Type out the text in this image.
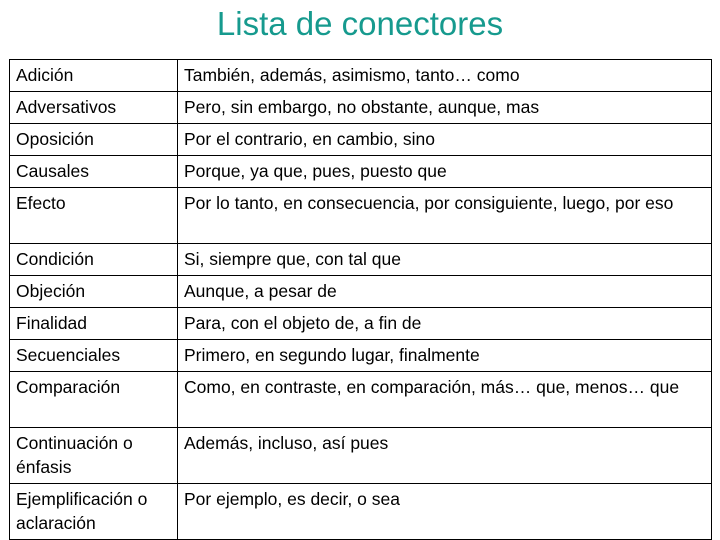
Lista de conectores
Adición	También, además, asimismo, tanto… como
Adversativos	Pero, sin embargo, no obstante, aunque, mas
Oposición	Por el contrario, en cambio, sino
Causales	Porque, ya que, pues, puesto que
Efecto	Por lo tanto, en consecuencia, por consiguiente, luego, por eso
Condición	Si, siempre que, con tal que
Objeción	Aunque, a pesar de
Finalidad	Para, con el objeto de, a fin de
Secuenciales	Primero, en segundo lugar, finalmente
Comparación	Como, en contraste, en comparación, más… que, menos… que
Continuación o énfasis	Además, incluso, así pues
Ejemplificación o aclaración	Por ejemplo, es decir, o sea
